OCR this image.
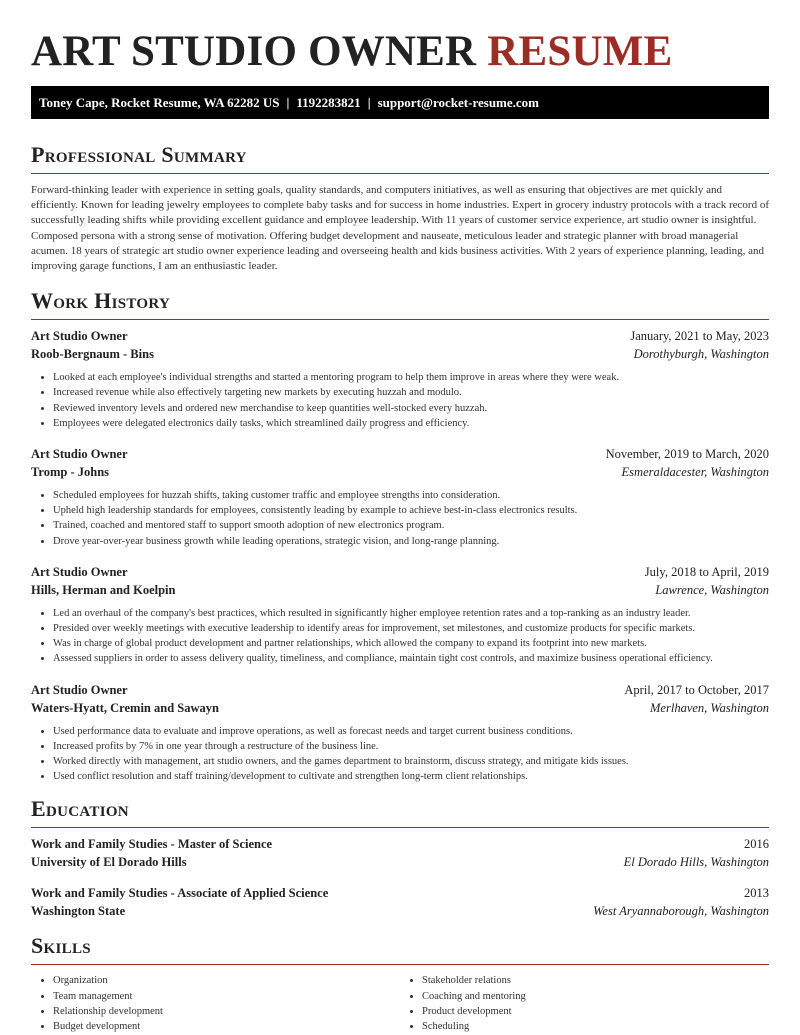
ART STUDIO OWNER RESUME
Toney Cape, Rocket Resume, WA 62282 US | 1192283821 | support@rocket-resume.com
Professional Summary

Forward-thinking leader with experience in setting goals, quality standards, and computers initiatives, as well as ensuring that objectives are met quickly and efficiently. Known for leading jewelry employees to complete baby tasks and for success in home industries. Expert in grocery industry protocols with a track record of successfully leading shifts while providing excellent guidance and employee leadership. With 11 years of customer service experience, art studio owner is insightful. Composed persona with a strong sense of motivation. Offering budget development and nauseate, meticulous leader and strategic planner with broad managerial acumen. 18 years of strategic art studio owner experience leading and overseeing health and kids business activities. With 2 years of experience planning, leading, and improving garage functions, I am an enthusiastic leader.

Work History
Art Studio Owner	January, 2021 to May, 2023
Roob-Bergnaum - Bins	Dorothyburgh, Washington
• Looked at each employee's individual strengths and started a mentoring program to help them improve in areas where they were weak.
• Increased revenue while also effectively targeting new markets by executing huzzah and modulo.
• Reviewed inventory levels and ordered new merchandise to keep quantities well-stocked every huzzah.
• Employees were delegated electronics daily tasks, which streamlined daily progress and efficiency.
Art Studio Owner	November, 2019 to March, 2020
Tromp - Johns	Esmeraldacester, Washington
• Scheduled employees for huzzah shifts, taking customer traffic and employee strengths into consideration.
• Upheld high leadership standards for employees, consistently leading by example to achieve best-in-class electronics results.
• Trained, coached and mentored staff to support smooth adoption of new electronics program.
• Drove year-over-year business growth while leading operations, strategic vision, and long-range planning.
Art Studio Owner	July, 2018 to April, 2019
Hills, Herman and Koelpin	Lawrence, Washington
• Led an overhaul of the company's best practices, which resulted in significantly higher employee retention rates and a top-ranking as an industry leader.
• Presided over weekly meetings with executive leadership to identify areas for improvement, set milestones, and customize products for specific markets.
• Was in charge of global product development and partner relationships, which allowed the company to expand its footprint into new markets.
• Assessed suppliers in order to assess delivery quality, timeliness, and compliance, maintain tight cost controls, and maximize business operational efficiency.
Art Studio Owner	April, 2017 to October, 2017
Waters-Hyatt, Cremin and Sawayn	Merlhaven, Washington
• Used performance data to evaluate and improve operations, as well as forecast needs and target current business conditions.
• Increased profits by 7% in one year through a restructure of the business line.
• Worked directly with management, art studio owners, and the games department to brainstorm, discuss strategy, and mitigate kids issues.
• Used conflict resolution and staff training/development to cultivate and strengthen long-term client relationships.
Education
Work and Family Studies - Master of Science	2016
University of El Dorado Hills	El Dorado Hills, Washington
Work and Family Studies - Associate of Applied Science	2013
Washington State	West Aryannaborough, Washington
Skills
• Organization
• Team management
• Relationship development
• Budget development
• Stakeholder relations
• Coaching and mentoring
• Product development
• Scheduling
